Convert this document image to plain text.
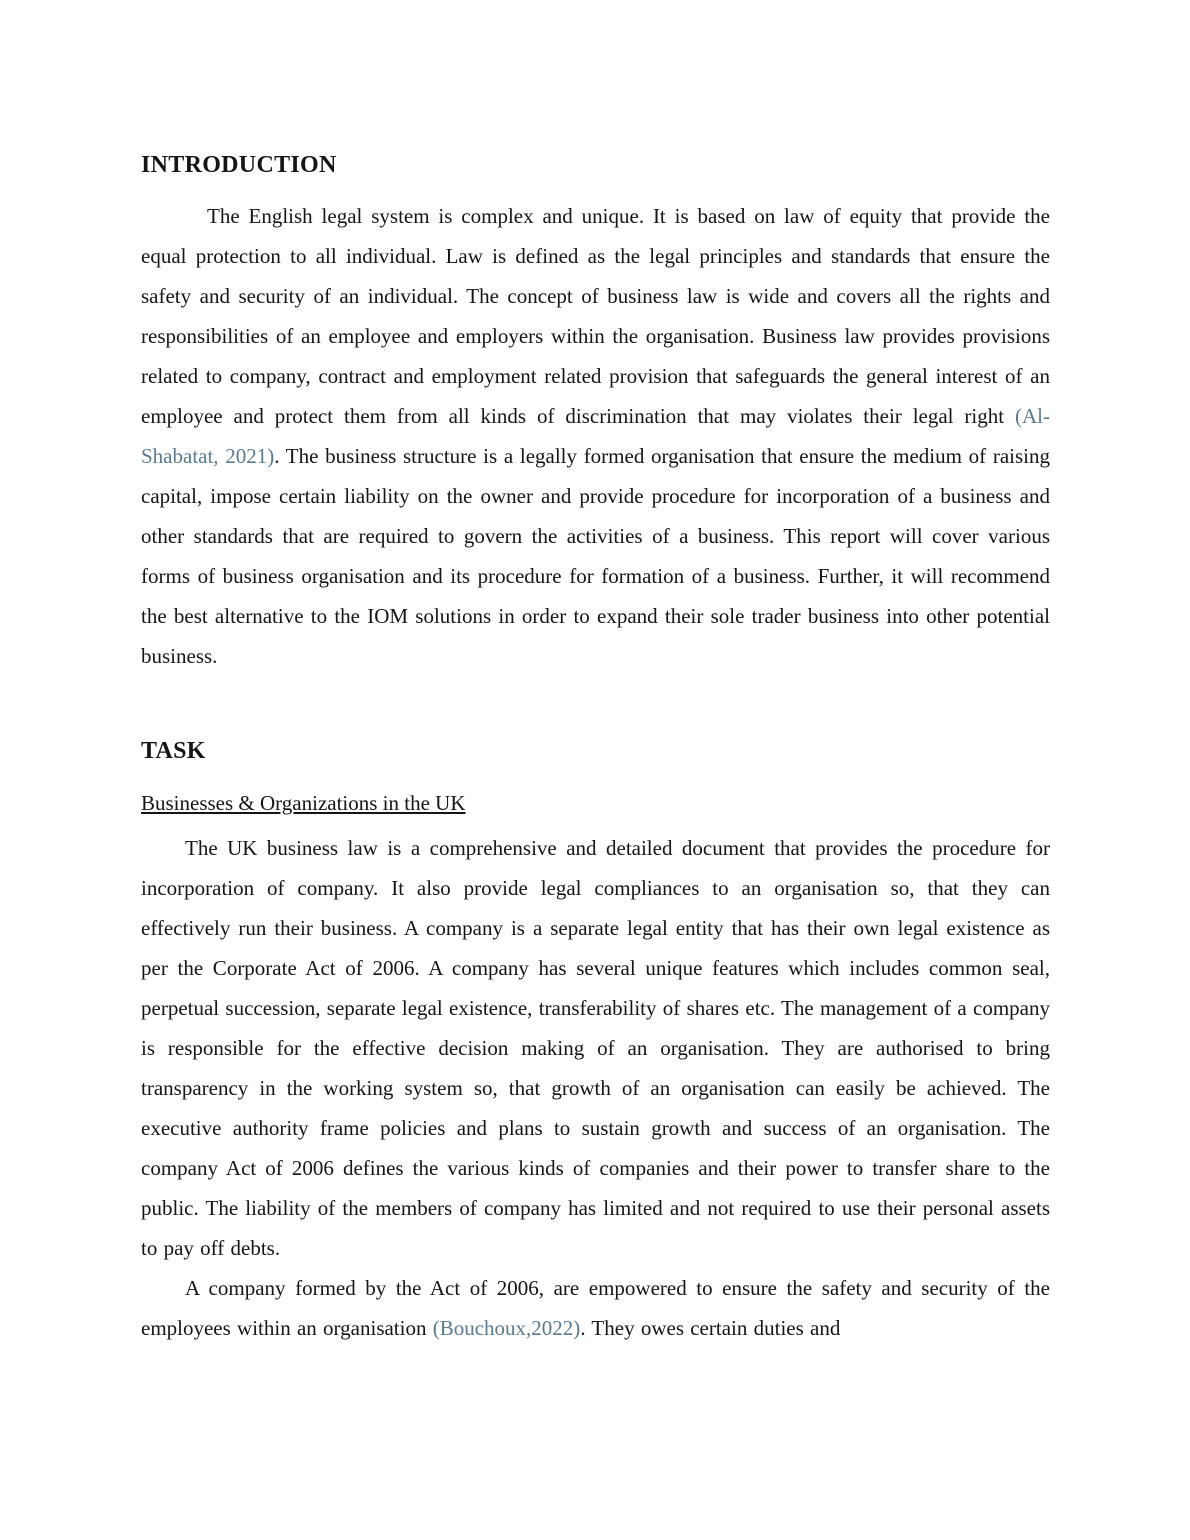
INTRODUCTION

The English legal system is complex and unique. It is based on law of equity that provide the equal protection to all individual. Law is defined as the legal principles and standards that ensure the safety and security of an individual. The concept of business law is wide and covers all the rights and responsibilities of an employee and employers within the organisation. Business law provides provisions related to company, contract and employment related provision that safeguards the general interest of an employee and protect them from all kinds of discrimination that may violates their legal right (Al-Shabatat, 2021). The business structure is a legally formed organisation that ensure the medium of raising capital, impose certain liability on the owner and provide procedure for incorporation of a business and other standards that are required to govern the activities of a business. This report will cover various forms of business organisation and its procedure for formation of a business. Further, it will recommend the best alternative to the IOM solutions in order to expand their sole trader business into other potential business.

TASK
Businesses & Organizations in the UK

The UK business law is a comprehensive and detailed document that provides the procedure for incorporation of company. It also provide legal compliances to an organisation so, that they can effectively run their business. A company is a separate legal entity that has their own legal existence as per the Corporate Act of 2006. A company has several unique features which includes common seal, perpetual succession, separate legal existence, transferability of shares etc. The management of a company is responsible for the effective decision making of an organisation. They are authorised to bring transparency in the working system so, that growth of an organisation can easily be achieved. The executive authority frame policies and plans to sustain growth and success of an organisation. The company Act of 2006 defines the various kinds of companies and their power to transfer share to the public. The liability of the members of company has limited and not required to use their personal assets to pay off debts.

A company formed by the Act of 2006, are empowered to ensure the safety and security of the employees within an organisation (Bouchoux,2022). They owes certain duties and
